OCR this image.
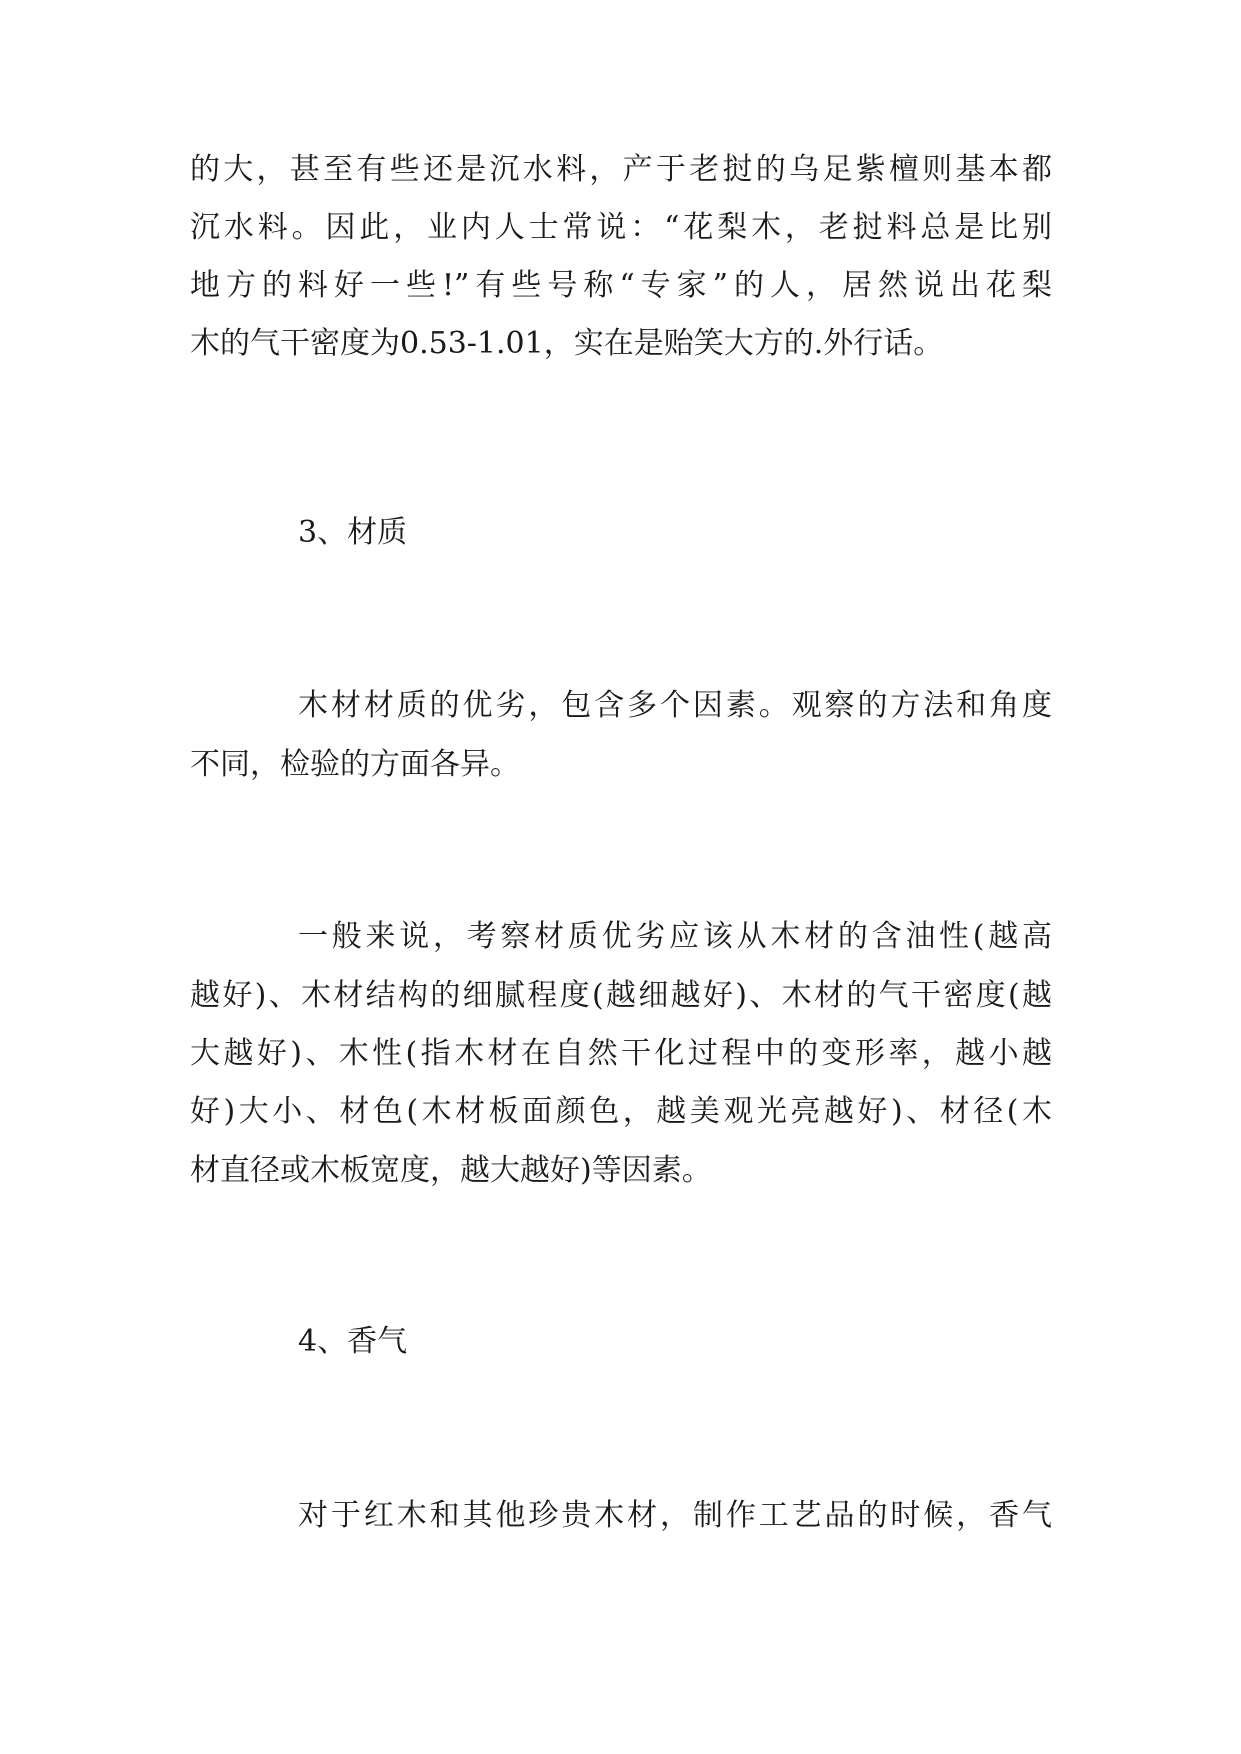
的大，甚至有些还是沉水料，产于老挝的乌足紫檀则基本都
沉水料。因此，业内人士常说：“花梨木，老挝料总是比别
地方的料好一些!”有些号称“专家”的人，居然说出花梨
木的气干密度为0.53-1.01，实在是贻笑大方的.外行话。
3、材质
木材材质的优劣，包含多个因素。观察的方法和角度
不同，检验的方面各异。
一般来说，考察材质优劣应该从木材的含油性(越高
越好)、木材结构的细腻程度(越细越好)、木材的气干密度(越
大越好)、木性(指木材在自然干化过程中的变形率，越小越
好)大小、材色(木材板面颜色，越美观光亮越好)、材径(木
材直径或木板宽度，越大越好)等因素。
4、香气
对于红木和其他珍贵木材，制作工艺品的时候，香气
